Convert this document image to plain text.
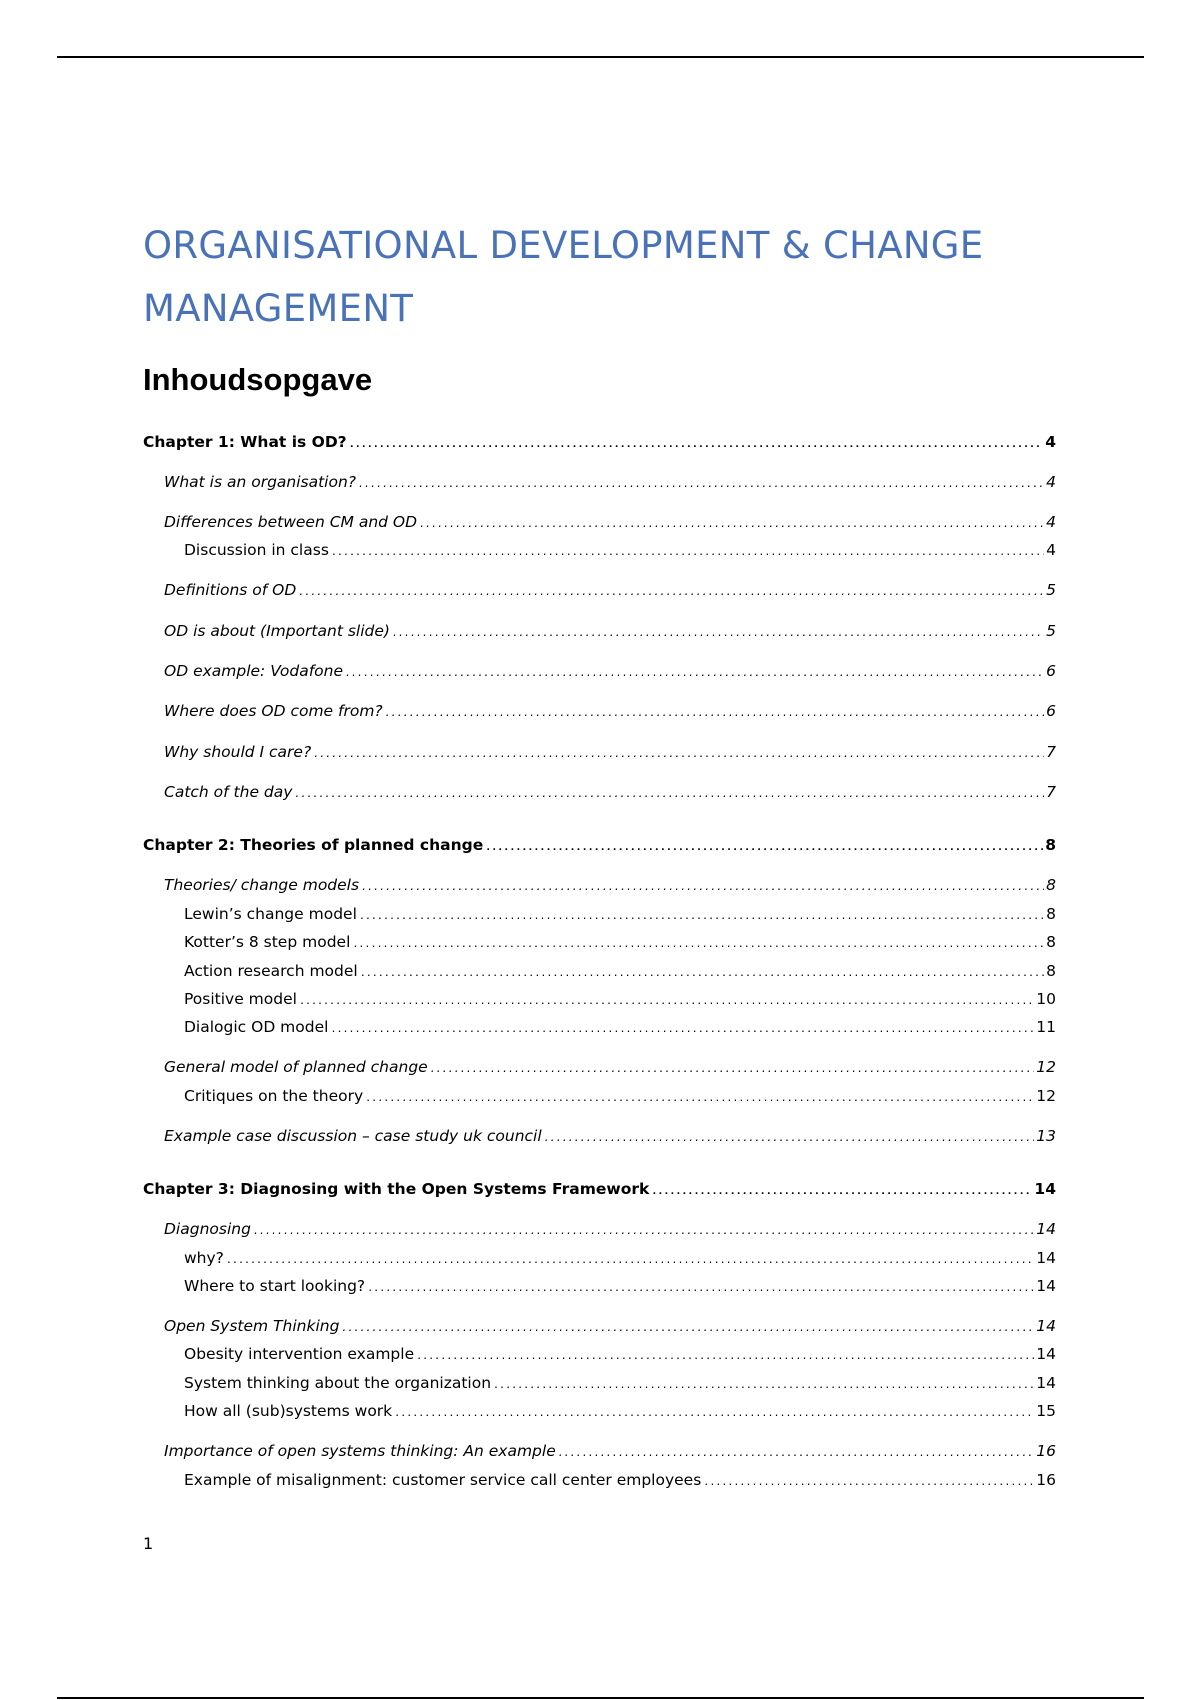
ORGANISATIONAL DEVELOPMENT & CHANGE MANAGEMENT
Inhoudsopgave
Chapter 1: What is OD? .....	4
What is an organisation? .....	4
Differences between CM and OD .....	4
Discussion in class .....	4
Definitions of OD .....	5
OD is about (Important slide) .....	5
OD example: Vodafone .....	6
Where does OD come from? .....	6
Why should I care? .....	7
Catch of the day .....	7
Chapter 2: Theories of planned change .....	8
Theories/ change models .....	8
Lewin’s change model .....	8
Kotter’s 8 step model .....	8
Action research model .....	8
Positive model .....	10
Dialogic OD model .....	11
General model of planned change .....	12
Critiques on the theory .....	12
Example case discussion – case study uk council .....	13
Chapter 3: Diagnosing with the Open Systems Framework .....	14
Diagnosing .....	14
why? .....	14
Where to start looking? .....	14
Open System Thinking .....	14
Obesity intervention example .....	14
System thinking about the organization .....	14
How all (sub)systems work .....	15
Importance of open systems thinking: An example .....	16
Example of misalignment: customer service call center employees .....	16
1
